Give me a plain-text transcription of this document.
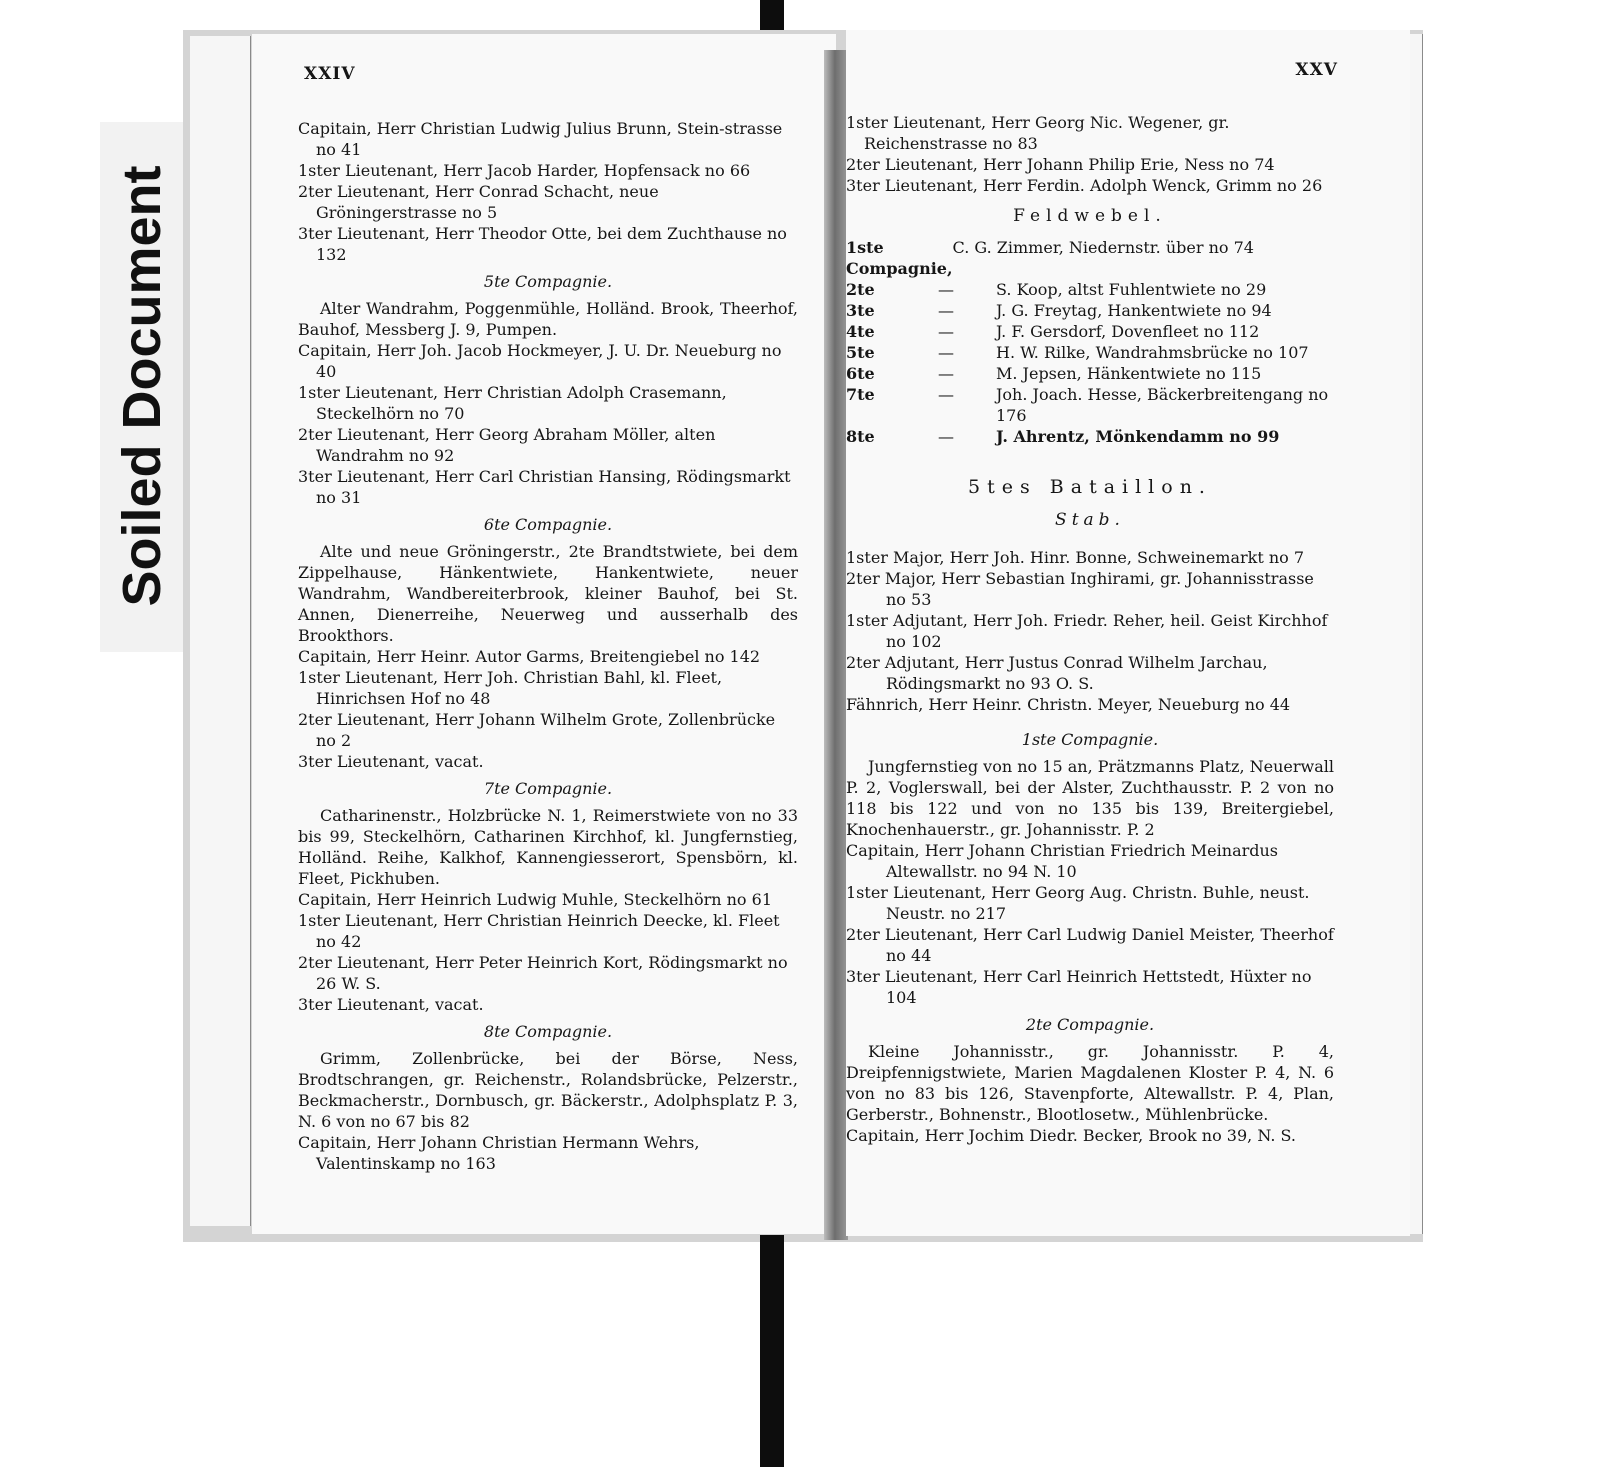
Soiled Document
XXIV
Capitain, Herr Christian Ludwig Julius Brunn, Stein-strasse no 41
1ster Lieutenant, Herr Jacob Harder, Hopfensack no 66
2ter Lieutenant, Herr Conrad Schacht, neue Gröningerstrasse no 5
3ter Lieutenant, Herr Theodor Otte, bei dem Zuchthause no 132
5te Compagnie.
Alter Wandrahm, Poggenmühle, Holländ. Brook, Theerhof, Bauhof, Messberg J. 9, Pumpen.
Capitain, Herr Joh. Jacob Hockmeyer, J. U. Dr. Neueburg no 40
1ster Lieutenant, Herr Christian Adolph Crasemann, Steckelhörn no 70
2ter Lieutenant, Herr Georg Abraham Möller, alten Wandrahm no 92
3ter Lieutenant, Herr Carl Christian Hansing, Rödingsmarkt no 31
6te Compagnie.
Alte und neue Gröningerstr., 2te Brandtstwiete, bei dem Zippelhause, Hänkentwiete, Hankentwiete, neuer Wandrahm, Wandbereiterbrook, kleiner Bauhof, bei St. Annen, Dienerreihe, Neuerweg und ausserhalb des Brookthors.
Capitain, Herr Heinr. Autor Garms, Breitengiebel no 142
1ster Lieutenant, Herr Joh. Christian Bahl, kl. Fleet, Hinrichsen Hof no 48
2ter Lieutenant, Herr Johann Wilhelm Grote, Zollenbrücke no 2
3ter Lieutenant, vacat.
7te Compagnie.
Catharinenstr., Holzbrücke N. 1, Reimerstwiete von no 33 bis 99, Steckelhörn, Catharinen Kirchhof, kl. Jungfernstieg, Holländ. Reihe, Kalkhof, Kannengiesserort, Spensbörn, kl. Fleet, Pickhuben.
Capitain, Herr Heinrich Ludwig Muhle, Steckelhörn no 61
1ster Lieutenant, Herr Christian Heinrich Deecke, kl. Fleet no 42
2ter Lieutenant, Herr Peter Heinrich Kort, Rödingsmarkt no 26 W. S.
3ter Lieutenant, vacat.
8te Compagnie.
Grimm, Zollenbrücke, bei der Börse, Ness, Brodtschrangen, gr. Reichenstr., Rolandsbrücke, Pelzerstr., Beckmacherstr., Dornbusch, gr. Bäckerstr., Adolphsplatz P. 3, N. 6 von no 67 bis 82
Capitain, Herr Johann Christian Hermann Wehrs, Valentinskamp no 163
XXV
1ster Lieutenant, Herr Georg Nic. Wegener, gr. Reichenstrasse no 83
2ter Lieutenant, Herr Johann Philip Erie, Ness no 74
3ter Lieutenant, Herr Ferdin. Adolph Wenck, Grimm no 26
Feldwebel.
1ste Compagnie,	C. G. Zimmer, Niedernstr. über no 74
2te	—	S. Koop, altst Fuhlentwiete no 29
3te	—	J. G. Freytag, Hankentwiete no 94
4te	—	J. F. Gersdorf, Dovenfleet no 112
5te	—	H. W. Rilke, Wandrahmsbrücke no 107
6te	—	M. Jepsen, Hänkentwiete no 115
7te	—	Joh. Joach. Hesse, Bäckerbreitengang no 176
8te	—	J. Ahrentz, Mönkendamm no 99
5tes Bataillon.
Stab.
1ster Major, Herr Joh. Hinr. Bonne, Schweinemarkt no 7
2ter Major, Herr Sebastian Inghirami, gr. Johannisstrasse no 53
1ster Adjutant, Herr Joh. Friedr. Reher, heil. Geist Kirchhof no 102
2ter Adjutant, Herr Justus Conrad Wilhelm Jarchau, Rödingsmarkt no 93 O. S.
Fähnrich, Herr Heinr. Christn. Meyer, Neueburg no 44
1ste Compagnie.
Jungfernstieg von no 15 an, Prätzmanns Platz, Neuerwall P. 2, Voglerswall, bei der Alster, Zuchthausstr. P. 2 von no 118 bis 122 und von no 135 bis 139, Breitergiebel, Knochenhauerstr., gr. Johannisstr. P. 2
Capitain, Herr Johann Christian Friedrich Meinardus Altewallstr. no 94 N. 10
1ster Lieutenant, Herr Georg Aug. Christn. Buhle, neust. Neustr. no 217
2ter Lieutenant, Herr Carl Ludwig Daniel Meister, Theerhof no 44
3ter Lieutenant, Herr Carl Heinrich Hettstedt, Hüxter no 104
2te Compagnie.
Kleine Johannisstr., gr. Johannisstr. P. 4, Dreipfennigstwiete, Marien Magdalenen Kloster P. 4, N. 6 von no 83 bis 126, Stavenpforte, Altewallstr. P. 4, Plan, Gerberstr., Bohnenstr., Blootlosetw., Mühlenbrücke.
Capitain, Herr Jochim Diedr. Becker, Brook no 39, N. S.
